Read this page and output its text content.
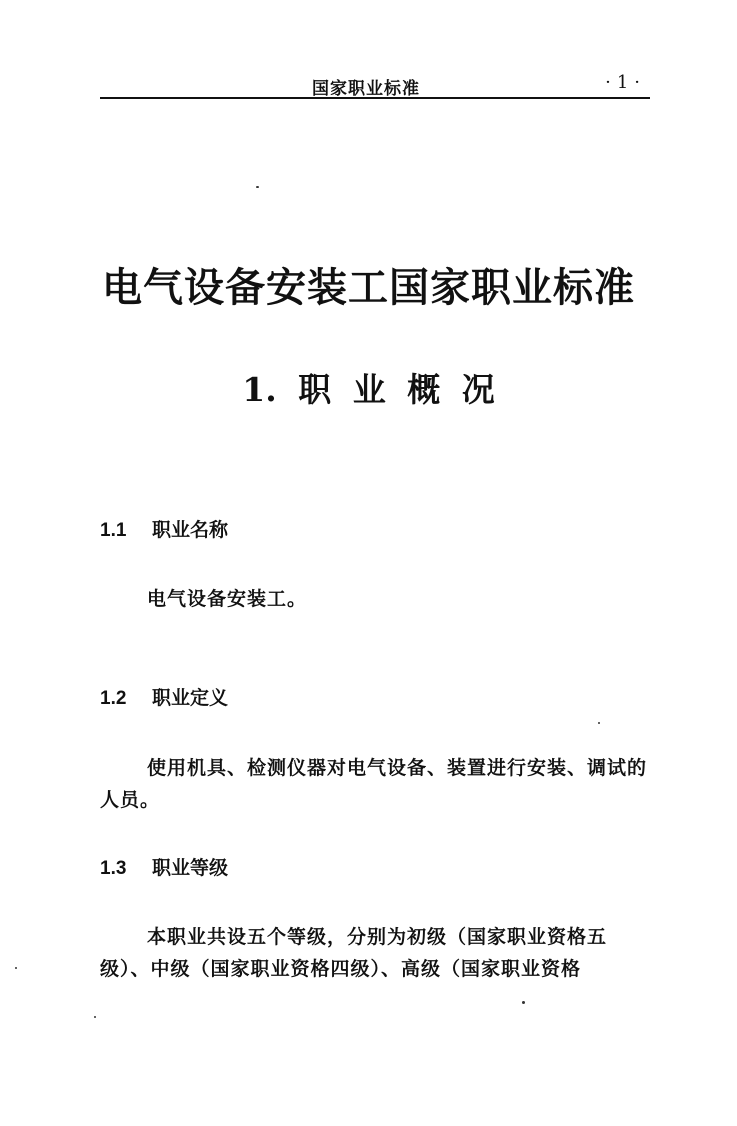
国家职业标准	·1·
电气设备安装工国家职业标准
1. 职 业 概 况
1.1 职业名称

电气设备安装工。

1.2 职业定义

使用机具、检测仪器对电气设备、装置进行安装、调试的人员。

1.3 职业等级

本职业共设五个等级，分别为初级（国家职业资格五级）、中级（国家职业资格四级）、高级（国家职业资格
